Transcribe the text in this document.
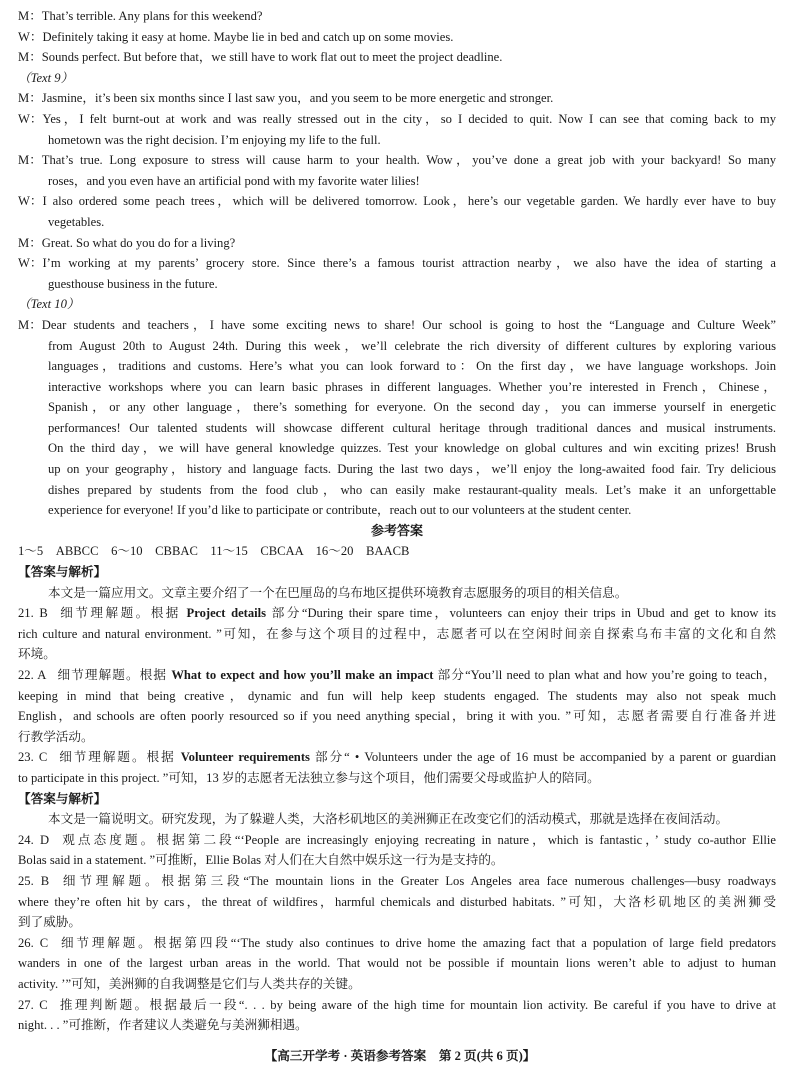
M：That’s terrible. Any plans for this weekend?
W：Definitely taking it easy at home. Maybe lie in bed and catch up on some movies.
M：Sounds perfect. But before that，we still have to work flat out to meet the project deadline.
（Text 9）
M：Jasmine，it’s been six months since I last saw you，and you seem to be more energetic and stronger.
W：Yes，I felt burnt-out at work and was really stressed out in the city，so I decided to quit. Now I can see that coming back to my
hometown was the right decision. I’m enjoying my life to the full.
M：That’s true. Long exposure to stress will cause harm to your health. Wow，you’ve done a great job with your backyard! So many
roses，and you even have an artificial pond with my favorite water lilies!
W：I also ordered some peach trees，which will be delivered tomorrow. Look，here’s our vegetable garden. We hardly ever have to buy
vegetables.
M：Great. So what do you do for a living?
W：I’m working at my parents’ grocery store. Since there’s a famous tourist attraction nearby，we also have the idea of starting a
guesthouse business in the future.
（Text 10）
M：Dear students and teachers，I have some exciting news to share! Our school is going to host the “Language and Culture Week”
from August 20th to August 24th. During this week，we’ll celebrate the rich diversity of different cultures by exploring various
languages，traditions and customs. Here’s what you can look forward to：On the first day，we have language workshops. Join
interactive workshops where you can learn basic phrases in different languages. Whether you’re interested in French，Chinese，
Spanish，or any other language，there’s something for everyone. On the second day，you can immerse yourself in energetic
performances! Our talented students will showcase different cultural heritage through traditional dances and musical instruments.
On the third day，we will have general knowledge quizzes. Test your knowledge on global cultures and win exciting prizes! Brush
up on your geography，history and language facts. During the last two days，we’ll enjoy the long-awaited food fair. Try delicious
dishes prepared by students from the food club，who can easily make restaurant-quality meals. Let’s make it an unforgettable
experience for everyone! If you’d like to participate or contribute，reach out to our volunteers at the student center.
参考答案
1～5　ABBCC　6～10　CBBAC　11～15　CBCAA　16～20　BAACB
【答案与解析】
本文是一篇应用文。文章主要介绍了一个在巴厘岛的乌布地区提供环境教育志愿服务的项目的相关信息。
21. B 细节理解题。根据 Project details 部分“During their spare time，volunteers can enjoy their trips in Ubud and get to know its
rich culture and natural environment. ”可知，在参与这个项目的过程中，志愿者可以在空闲时间亲自探索乌布丰富的文化和自然
环境。
22. A 细节理解题。根据 What to expect and how you’ll make an impact 部分“You’ll need to plan what and how you’re going to teach，
keeping in mind that being creative，dynamic and fun will help keep students engaged. The students may also not speak much
English，and schools are often poorly resourced so if you need anything special，bring it with you. ”可知，志愿者需要自行准备并进
行教学活动。
23. C 细节理解题。根据 Volunteer requirements 部分“ • Volunteers under the age of 16 must be accompanied by a parent or guardian
to participate in this project. ”可知，13 岁的志愿者无法独立参与这个项目，他们需要父母或监护人的陪同。
【答案与解析】
本文是一篇说明文。研究发现，为了躲避人类，大洛杉矶地区的美洲狮正在改变它们的活动模式，那就是选择在夜间活动。
24. D 观点态度题。根据第二段“‘People are increasingly enjoying recreating in nature，which is fantastic，’ study co-author Ellie
Bolas said in a statement. ”可推断，Ellie Bolas 对人们在大自然中娱乐这一行为是支持的。
25. B 细节理解题。根据第三段“The mountain lions in the Greater Los Angeles area face numerous challenges—busy roadways
where they’re often hit by cars，the threat of wildfires，harmful chemicals and disturbed habitats. ”可知，大洛杉矶地区的美洲狮受
到了威胁。
26. C 细节理解题。根据第四段“‘The study also continues to drive home the amazing fact that a population of large field predators
wanders in one of the largest urban areas in the world. That would not be possible if mountain lions weren’t able to adjust to human
activity. ’”可知，美洲狮的自我调整是它们与人类共存的关键。
27. C 推理判断题。根据最后一段“. . . by being aware of the high time for mountain lion activity. Be careful if you have to drive at
night. . . ”可推断，作者建议人类避免与美洲狮相遇。
【高三开学考 · 英语参考答案　第 2 页(共 6 页)】
